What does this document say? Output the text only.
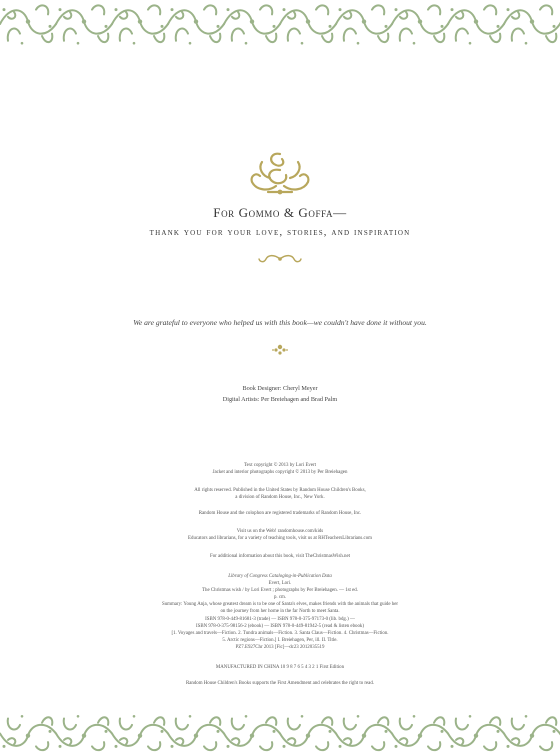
For Gommo & Goffa—
thank you for your love, stories, and inspiration
We are grateful to everyone who helped us with this book—we couldn't have done it without you.
Book Designer: Cheryl Meyer
Digital Artists: Per Breiehagen and Brad Palm
Text copyright © 2013 by Lori Evert
Jacket and interior photographs copyright © 2013 by Per Breiehagen
All rights reserved. Published in the United States by Random House Children's Books,
a division of Random House, Inc., New York.
Random House and the colophon are registered trademarks of Random House, Inc.
Visit us on the Web! randomhouse.com/kids
Educators and librarians, for a variety of teaching tools, visit us at RHTeachersLibrarians.com
For additional information about this book, visit TheChristmasWish.net
Library of Congress Cataloging-in-Publication Data
Evert, Lori.
The Christmas wish / by Lori Evert ; photographs by Per Breiehagen. — 1st ed.
p. cm.
Summary: Young Anja, whose greatest dream is to be one of Santa's elves, makes friends with the animals that guide her
on the journey from her home in the far North to meet Santa.
ISBN 978-0-449-81681-3 (trade) — ISBN 978-0-375-97173-0 (lib. bdg.) —
ISBN 978-0-375-98156-2 (ebook) — ISBN 978-0-449-81942-5 (read & listen ebook)
[1. Voyages and travels—Fiction. 2. Tundra animals—Fiction. 3. Santa Claus—Fiction. 4. Christmas—Fiction.
5. Arctic regions—Fiction.] I. Breiehagen, Per, ill. II. Title.
PZ7.E927Chr 2013 [Fic]—dc23 2012035519
MANUFACTURED IN CHINA 10 9 8 7 6 5 4 3 2 1 First Edition
Random House Children's Books supports the First Amendment and celebrates the right to read.
